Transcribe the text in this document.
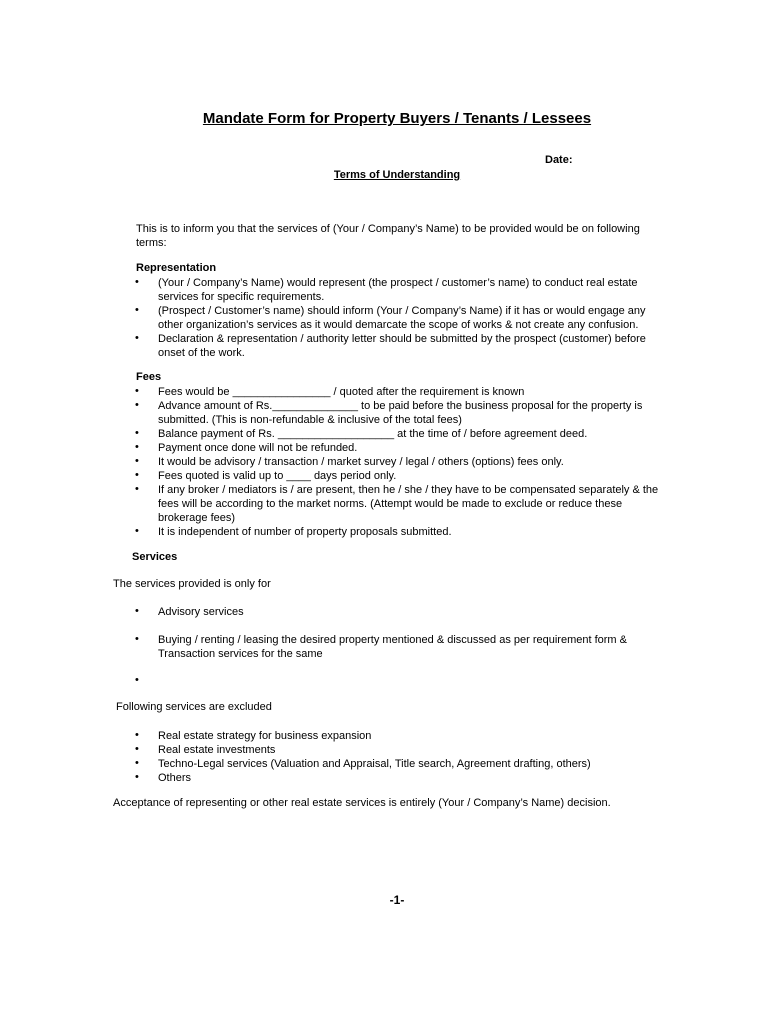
Mandate Form for Property Buyers / Tenants / Lessees
Date:
Terms of Understanding
This is to inform you that the services of (Your / Company’s Name) to be provided would be on following
terms:
Representation
• (Your / Company’s Name) would represent (the prospect / customer’s name) to conduct real estate
services for specific requirements.
• (Prospect / Customer’s name) should inform (Your / Company’s Name) if it has or would engage any
other organization’s services as it would demarcate the scope of works & not create any confusion.
• Declaration & representation / authority letter should be submitted by the prospect (customer) before
onset of the work.
Fees
• Fees would be ________________ / quoted after the requirement is known
• Advance amount of Rs.______________ to be paid before the business proposal for the property is
submitted. (This is non-refundable & inclusive of the total fees)
• Balance payment of Rs. ___________________ at the time of / before agreement deed.
• Payment once done will not be refunded.
• It would be advisory / transaction / market survey / legal / others (options) fees only.
• Fees quoted is valid up to ____ days period only.
• If any broker / mediators is / are present, then he / she / they have to be compensated separately & the
fees will be according to the market norms. (Attempt would be made to exclude or reduce these
brokerage fees)
• It is independent of number of property proposals submitted.
Services
The services provided is only for
• Advisory services
• Buying / renting / leasing the desired property mentioned & discussed as per requirement form &
Transaction services for the same
•
Following services are excluded
• Real estate strategy for business expansion
• Real estate investments
• Techno-Legal services (Valuation and Appraisal, Title search, Agreement drafting, others)
• Others
Acceptance of representing or other real estate services is entirely (Your / Company’s Name) decision.
-1-
